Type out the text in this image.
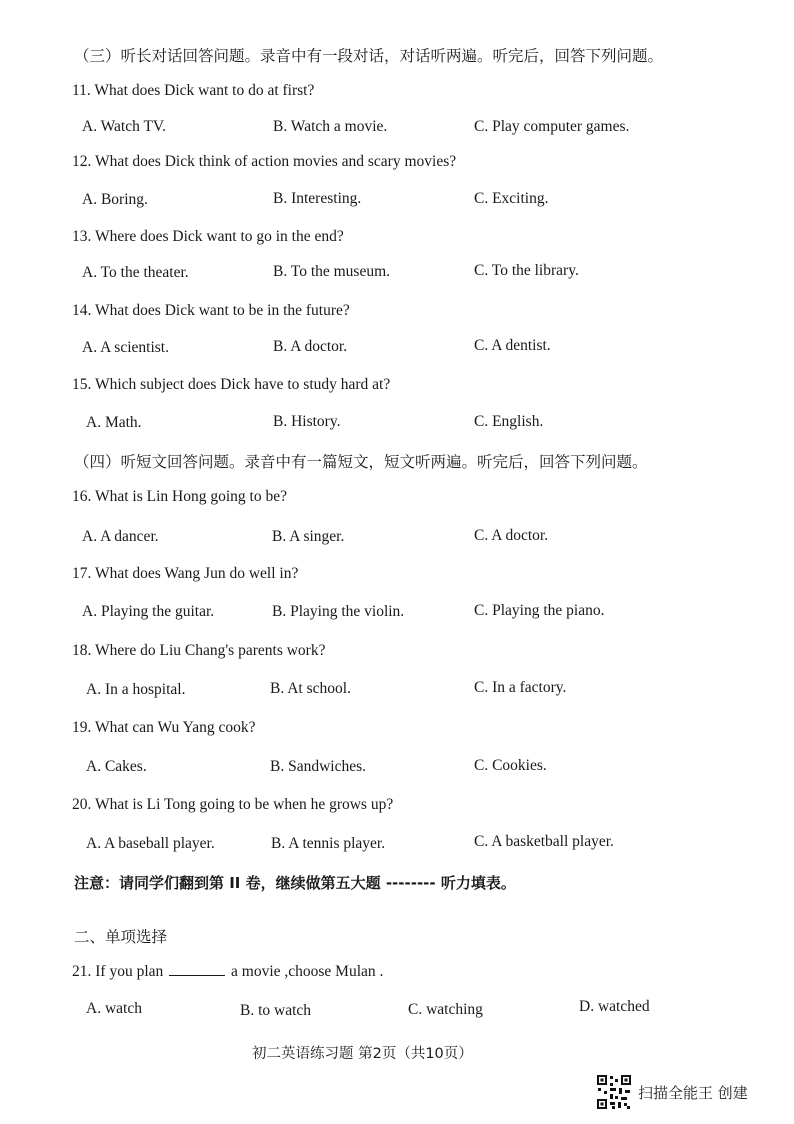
（三）听长对话回答问题。录音中有一段对话，对话听两遍。听完后，回答下列问题。
11. What does Dick want to do at first?
A. Watch TV.	B. Watch a movie.	C. Play computer games.
12. What does Dick think of action movies and scary movies?
A. Boring.	B. Interesting.	C. Exciting.
13. Where does Dick want to go in the end?
A. To the theater.	B. To the museum.	C. To the library.
14. What does Dick want to be in the future?
A. A scientist.	B. A doctor.	C. A dentist.
15. Which subject does Dick have to study hard at?
A. Math.	B. History.	C. English.
（四）听短文回答问题。录音中有一篇短文，短文听两遍。听完后，回答下列问题。
16. What is Lin Hong going to be?
A. A dancer.	B. A singer.	C. A doctor.
17. What does Wang Jun do well in?
A. Playing the guitar.	B. Playing the violin.	C. Playing the piano.
18. Where do Liu Chang's parents work?
A. In a hospital.	B. At school.	C. In a factory.
19. What can Wu Yang cook?
A. Cakes.	B. Sandwiches.	C. Cookies.
20. What is Li Tong going to be when he grows up?
A. A baseball player.	B. A tennis player.	C. A basketball player.
注意：请同学们翻到第 II 卷，继续做第五大题 -------- 听力填表。
二、单项选择
21. If you plan	a movie ,choose Mulan .
A. watch	B. to watch	C. watching	D. watched
初二英语练习题 第2页（共10页）
扫描全能王 创建
